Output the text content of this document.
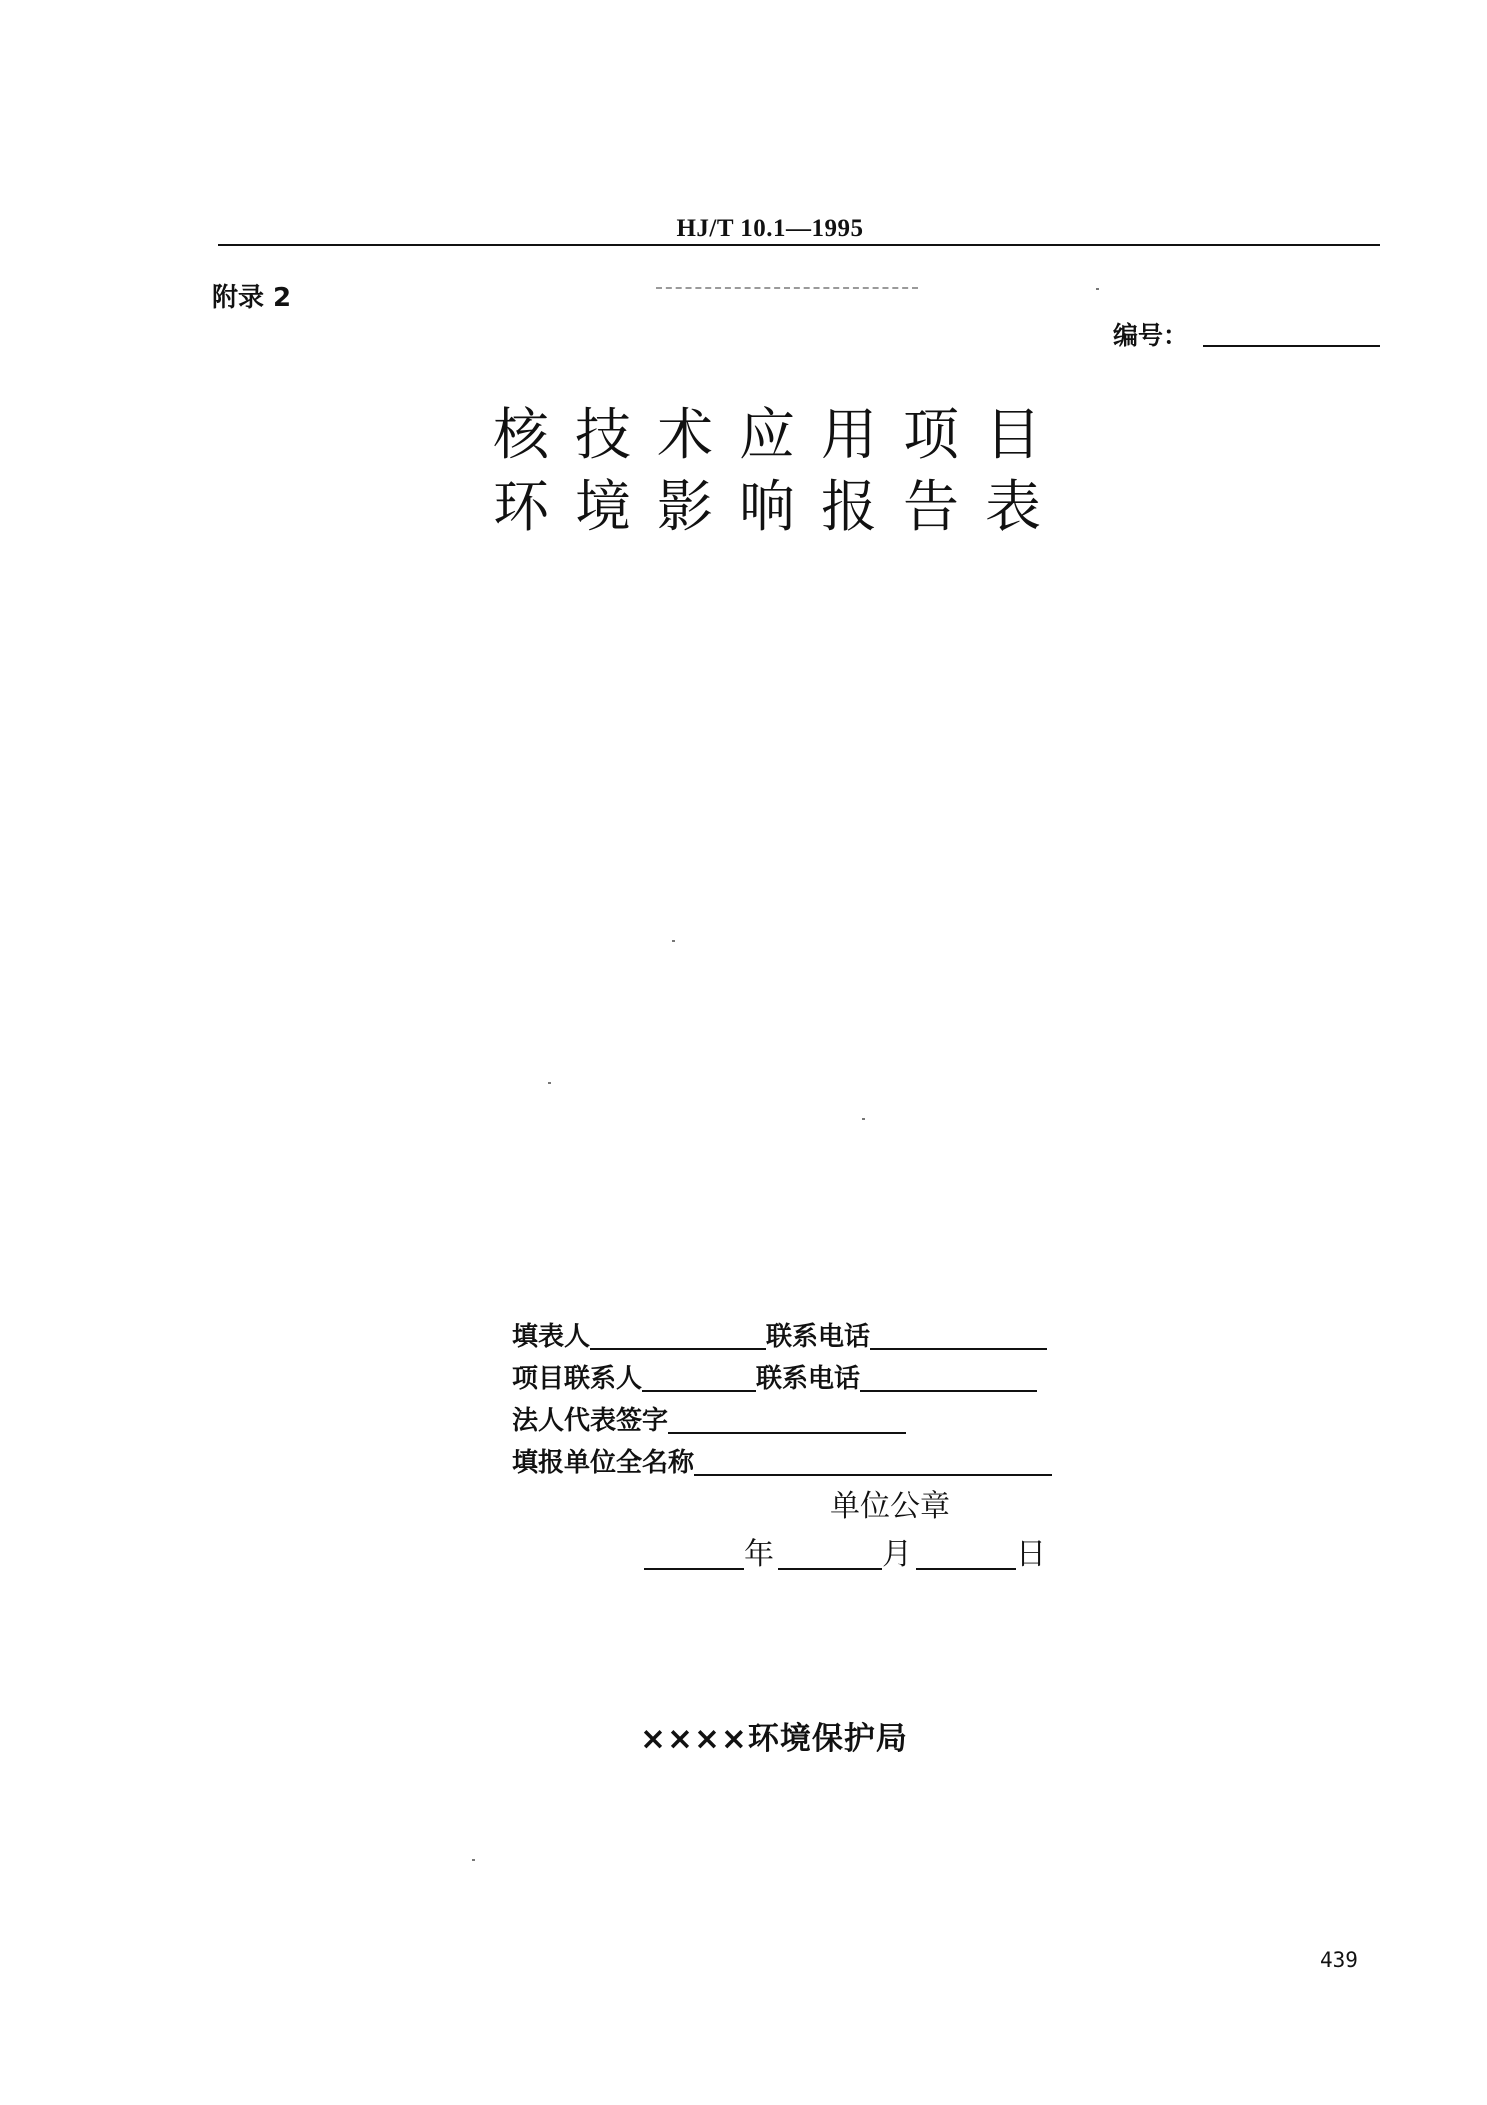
HJ/T 10.1—1995
附录 2
编号：
核技术应用项目
环境影响报告表
填表人	联系电话
项目联系人	联系电话
法人代表签字
填报单位全名称
单位公章
年	月	日
××××环境保护局
439
